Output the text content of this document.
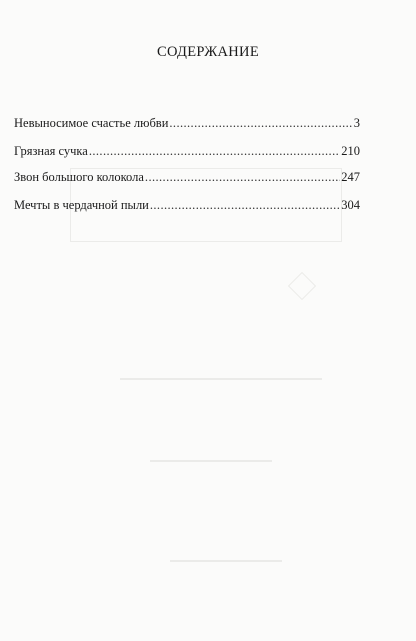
СОДЕРЖАНИЕ
Невыносимое счастье любви .....	3
Грязная сучка .....	210
Звон большого колокола .....	247
Мечты в чердачной пыли .....	304
